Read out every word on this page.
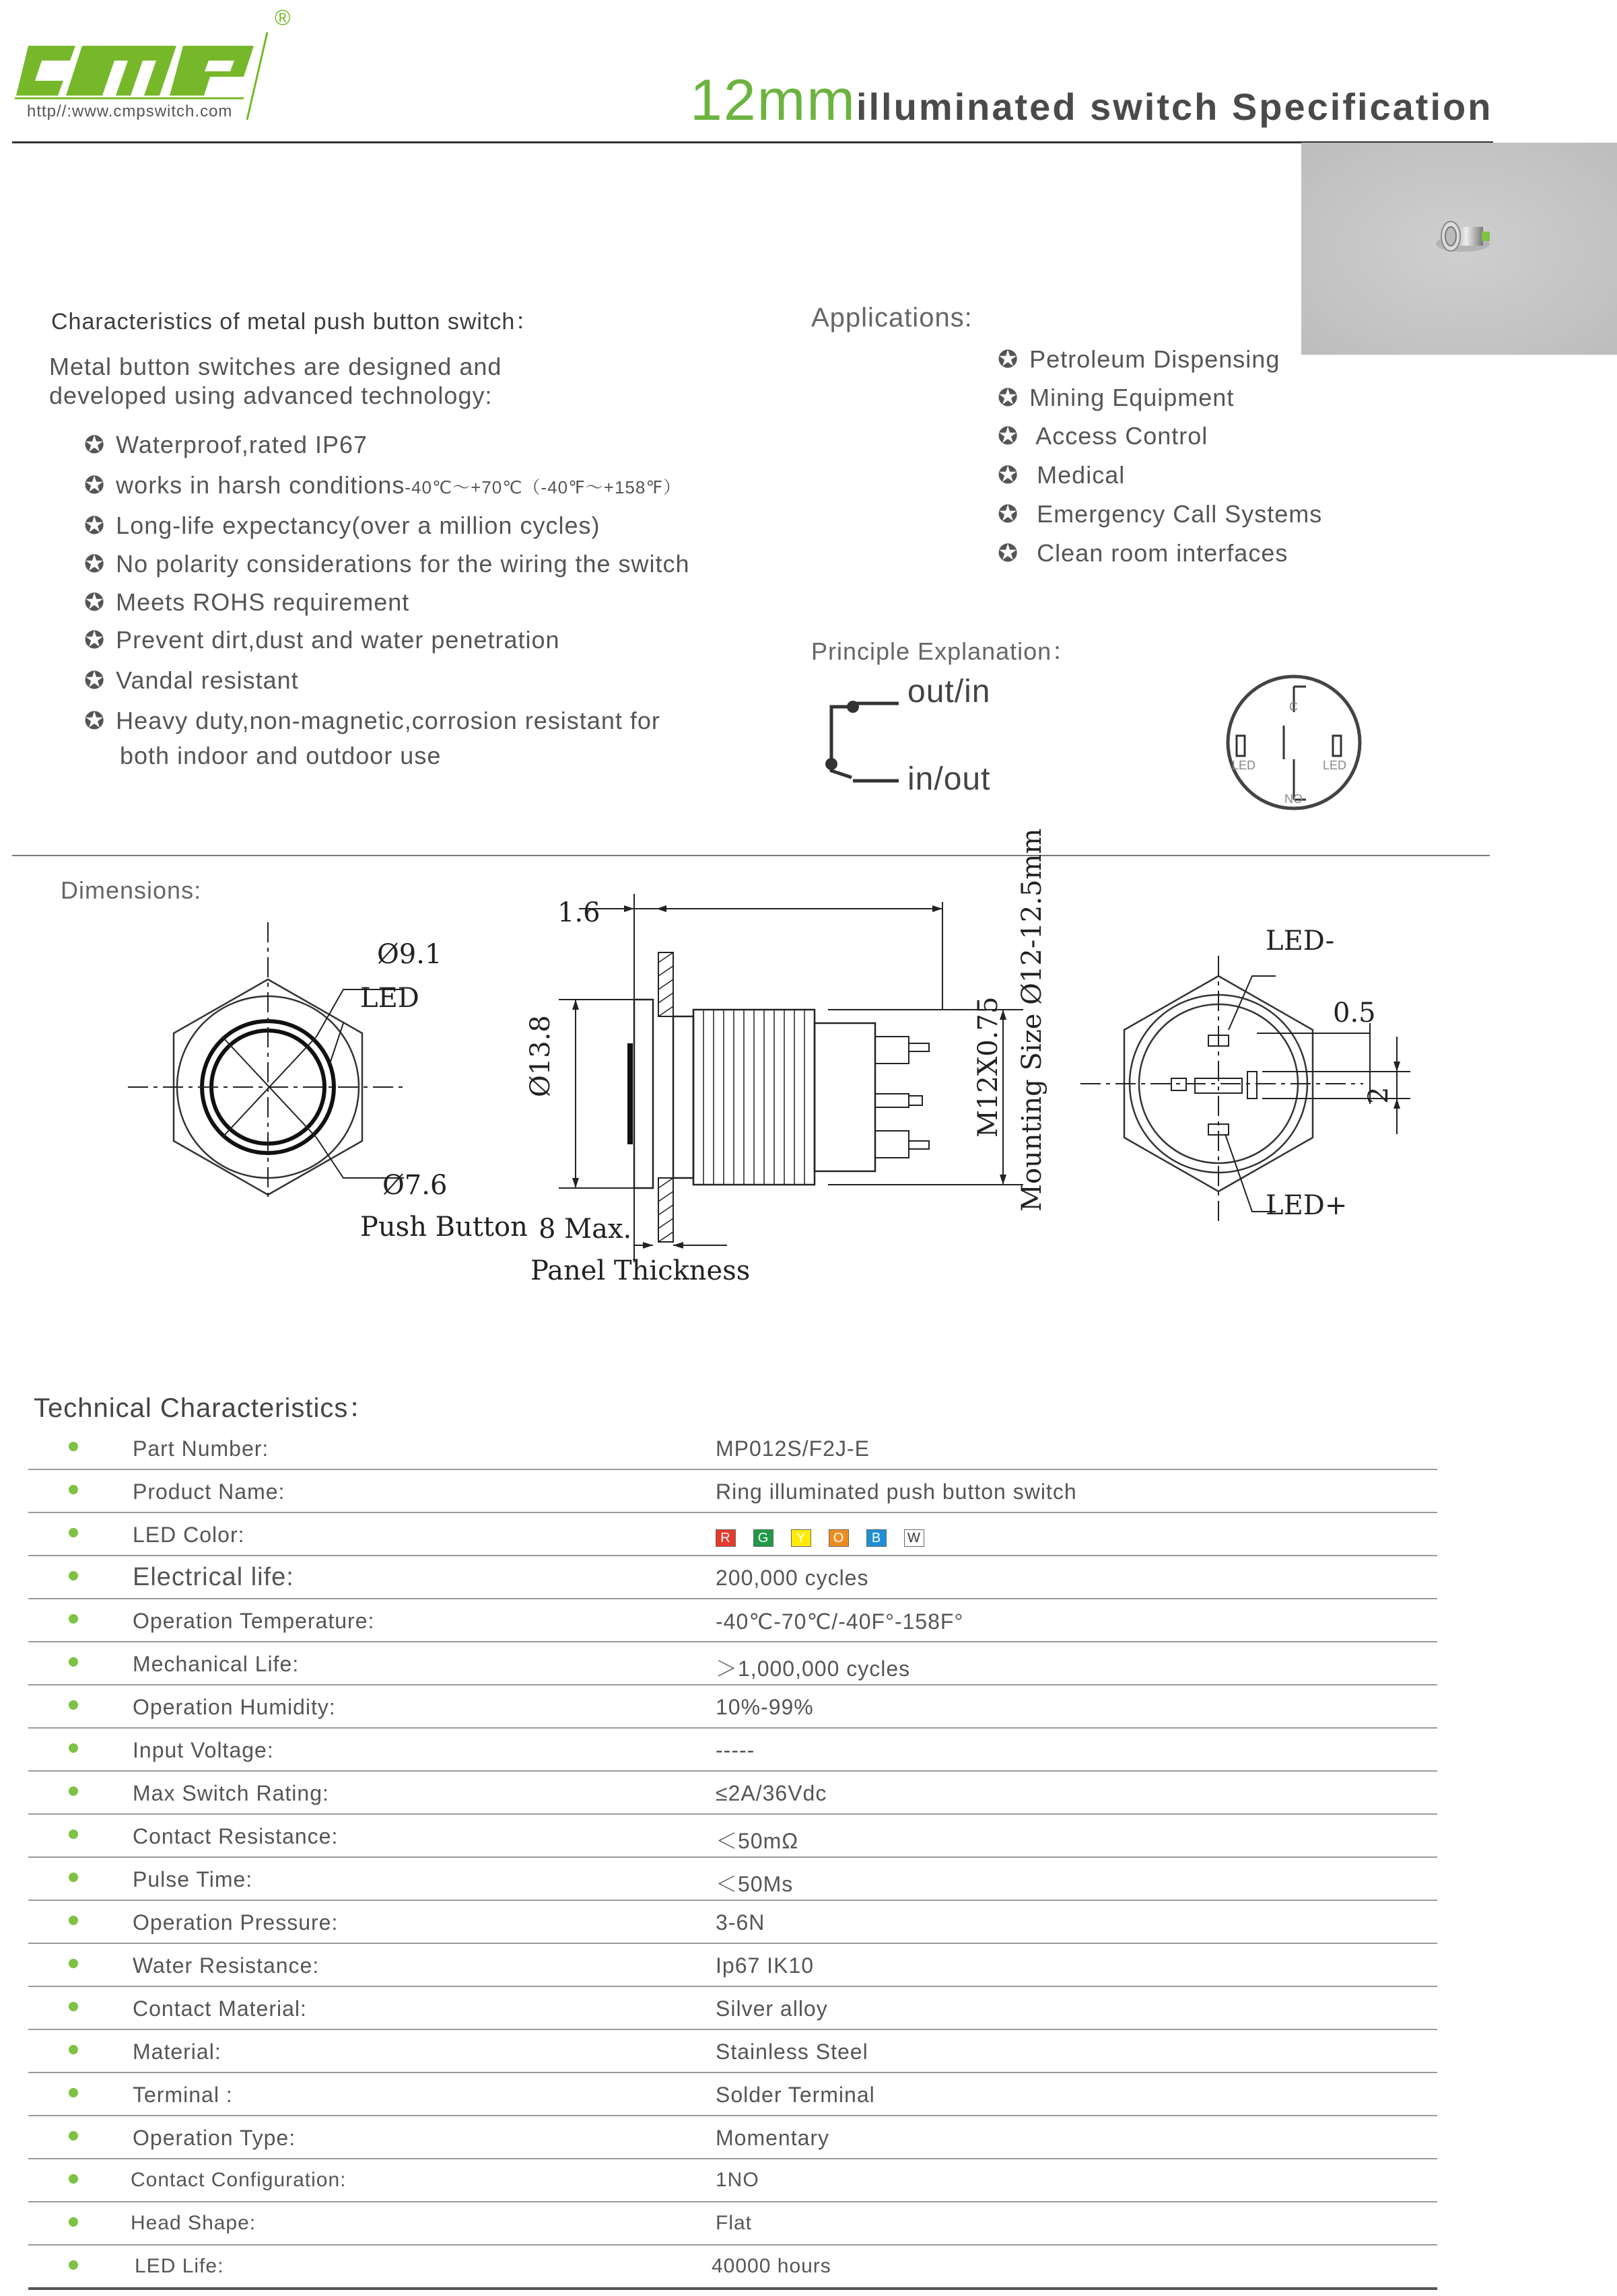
®
http//:www.cmpswitch.com	12mmilluminated switch Specification
Characteristics of metal push button switch：
Metal button switches are designed and
developed using advanced technology:
✪ Waterproof,rated IP67
✪ works in harsh conditions-40℃～+70℃（-40℉～+158℉）
✪ Long-life expectancy(over a million cycles)
✪ No polarity considerations for the wiring the switch
✪ Meets ROHS requirement
✪ Prevent dirt,dust and water penetration
✪ Vandal resistant
✪ Heavy duty,non-magnetic,corrosion resistant for
both indoor and outdoor use
Applications:
✪ Petroleum Dispensing
✪ Mining Equipment
✪ Access Control
✪ Medical
✪ Emergency Call Systems
✪ Clean room interfaces
Principle Explanation：
out/in
in/out
C
LED	LED
NO
Dimensions:
Ø9.1
LED
Ø7.6
Push Button
1.6
Ø13.8	M12X0.75 Mounting Size Ø12-12.5mm
8 Max.
Panel Thickness
LED-
0.5
2
LED+
Technical Characteristics：
Part Number:	MP012S/F2J-E
Product Name:	Ring illuminated push button switch
LED Color:	R G Y O B W
Electrical life:	200,000 cycles
Operation Temperature:	-40℃-70℃/-40F°-158F°
Mechanical Life:	＞1,000,000 cycles
Operation Humidity:	10%-99%
Input Voltage:	-----
Max Switch Rating:	≤2A/36Vdc
Contact Resistance:	＜50mΩ
Pulse Time:	＜50Ms
Operation Pressure:	3-6N
Water Resistance:	Ip67 IK10
Contact Material:	Silver alloy
Material:	Stainless Steel
Terminal :	Solder Terminal
Operation Type:	Momentary
Contact Configuration:	1NO
Head Shape:	Flat
LED Life:	40000 hours
